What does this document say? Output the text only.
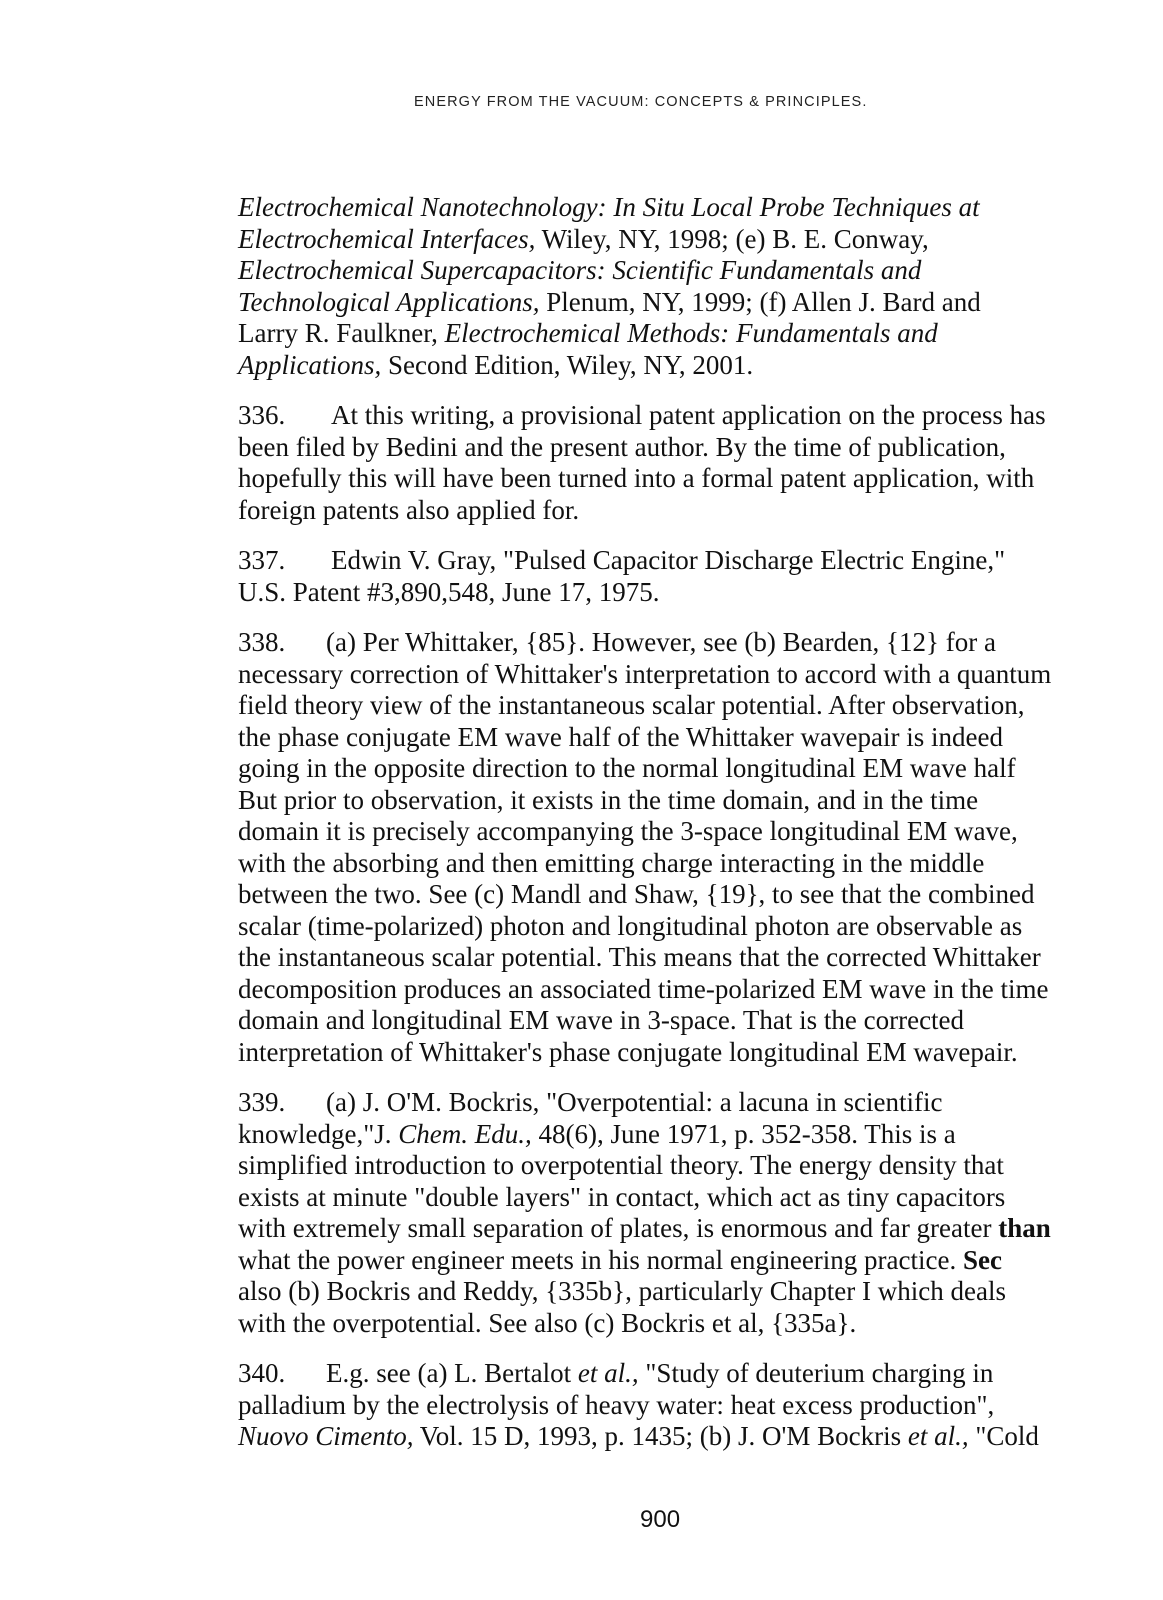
ENERGY FROM THE VACUUM: CONCEPTS & PRINCIPLES.
Electrochemical Nanotechnology: In Situ Local Probe Techniques at
Electrochemical Interfaces, Wiley, NY, 1998; (e) B. E. Conway,
Electrochemical Supercapacitors: Scientific Fundamentals and
Technological Applications, Plenum, NY, 1999; (f) Allen J. Bard and
Larry R. Faulkner, Electrochemical Methods: Fundamentals and
Applications, Second Edition, Wiley, NY, 2001.
336. At this writing, a provisional patent application on the process has
been filed by Bedini and the present author. By the time of publication,
hopefully this will have been turned into a formal patent application, with
foreign patents also applied for.
337. Edwin V. Gray, "Pulsed Capacitor Discharge Electric Engine,"
U.S. Patent #3,890,548, June 17, 1975.
338. (a) Per Whittaker, {85}. However, see (b) Bearden, {12} for a
necessary correction of Whittaker's interpretation to accord with a quantum
field theory view of the instantaneous scalar potential. After observation,
the phase conjugate EM wave half of the Whittaker wavepair is indeed
going in the opposite direction to the normal longitudinal EM wave half
But prior to observation, it exists in the time domain, and in the time
domain it is precisely accompanying the 3-space longitudinal EM wave,
with the absorbing and then emitting charge interacting in the middle
between the two. See (c) Mandl and Shaw, {19}, to see that the combined
scalar (time-polarized) photon and longitudinal photon are observable as
the instantaneous scalar potential. This means that the corrected Whittaker
decomposition produces an associated time-polarized EM wave in the time
domain and longitudinal EM wave in 3-space. That is the corrected
interpretation of Whittaker's phase conjugate longitudinal EM wavepair.
339. (a) J. O'M. Bockris, "Overpotential: a lacuna in scientific
knowledge,"J. Chem. Edu., 48(6), June 1971, p. 352-358. This is a
simplified introduction to overpotential theory. The energy density that
exists at minute "double layers" in contact, which act as tiny capacitors
with extremely small separation of plates, is enormous and far greater than
what the power engineer meets in his normal engineering practice. Sec
also (b) Bockris and Reddy, {335b}, particularly Chapter I which deals
with the overpotential. See also (c) Bockris et al, {335a}.
340. E.g. see (a) L. Bertalot et al., "Study of deuterium charging in
palladium by the electrolysis of heavy water: heat excess production",
Nuovo Cimento, Vol. 15 D, 1993, p. 1435; (b) J. O'M Bockris et al., "Cold
900
